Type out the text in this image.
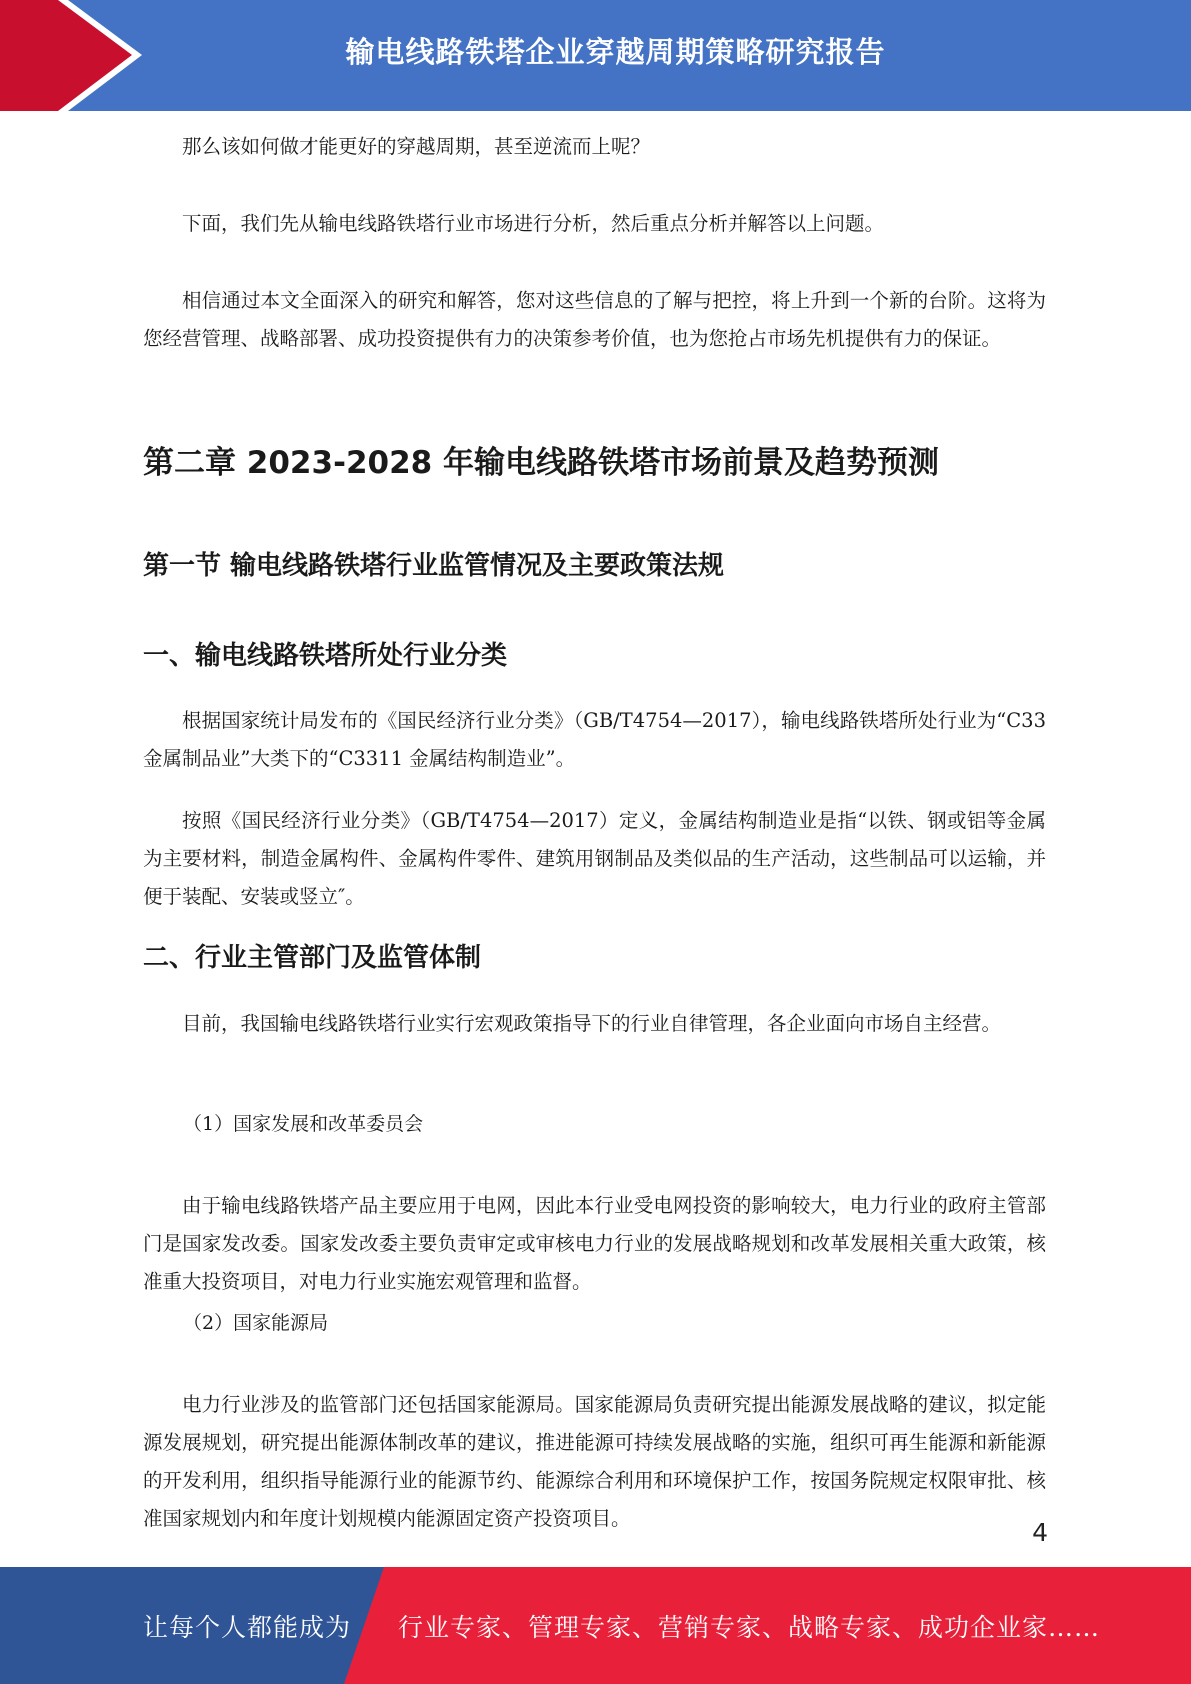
输电线路铁塔企业穿越周期策略研究报告

那么该如何做才能更好的穿越周期，甚至逆流而上呢？

下面，我们先从输电线路铁塔行业市场进行分析，然后重点分析并解答以上问题。

相信通过本文全面深入的研究和解答，您对这些信息的了解与把控，将上升到一个新的台阶。这将为您经营管理、战略部署、成功投资提供有力的决策参考价值，也为您抢占市场先机提供有力的保证。

第二章 2023-2028 年输电线路铁塔市场前景及趋势预测
第一节 输电线路铁塔行业监管情况及主要政策法规
一、输电线路铁塔所处行业分类

根据国家统计局发布的《国民经济行业分类》（GB/T4754—2017），输电线路铁塔所处行业为“C33 金属制品业”大类下的“C3311 金属结构制造业”。

按照《国民经济行业分类》（GB/T4754—2017）定义，金属结构制造业是指“以铁、钢或铝等金属为主要材料，制造金属构件、金属构件零件、建筑用钢制品及类似品的生产活动，这些制品可以运输，并便于装配、安装或竖立″。

二、行业主管部门及监管体制

目前，我国输电线路铁塔行业实行宏观政策指导下的行业自律管理，各企业面向市场自主经营。

（1）国家发展和改革委员会

由于输电线路铁塔产品主要应用于电网，因此本行业受电网投资的影响较大，电力行业的政府主管部门是国家发改委。国家发改委主要负责审定或审核电力行业的发展战略规划和改革发展相关重大政策，核准重大投资项目，对电力行业实施宏观管理和监督。

（2）国家能源局

电力行业涉及的监管部门还包括国家能源局。国家能源局负责研究提出能源发展战略的建议，拟定能源发展规划，研究提出能源体制改革的建议，推进能源可持续发展战略的实施，组织可再生能源和新能源的开发利用，组织指导能源行业的能源节约、能源综合利用和环境保护工作，按国务院规定权限审批、核准国家规划内和年度计划规模内能源固定资产投资项目。	4
让每个人都能成为 行业专家、管理专家、营销专家、战略专家、成功企业家……
